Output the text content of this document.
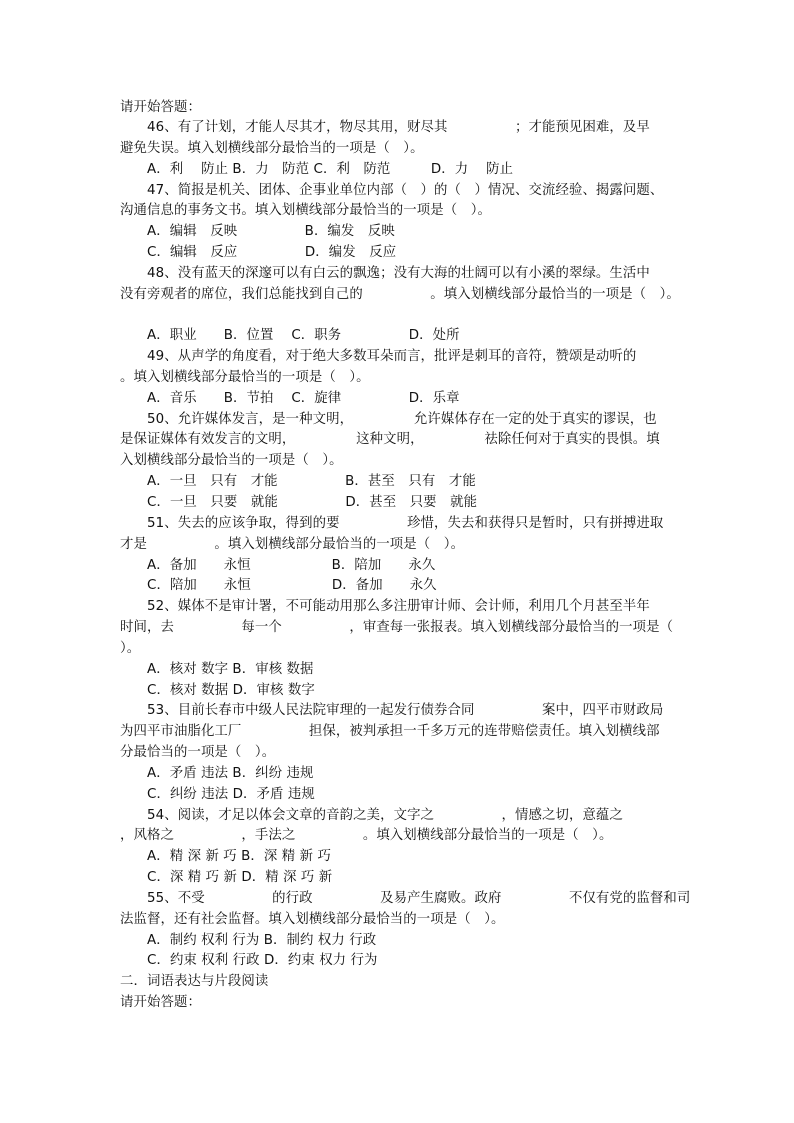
请开始答题：
46、有了计划，才能人尽其才，物尽其用，财尽其　　　　　；才能预见困难，及早
避免失误。填入划横线部分最恰当的一项是（　）。
A．利　 防止 B．力　防范 C．利　防范　　　D．力　 防止
47、简报是机关、团体、企事业单位内部（　）的（　）情况、交流经验、揭露问题、
沟通信息的事务文书。填入划横线部分最恰当的一项是（　）。
A．编辑　反映　　　　　B．编发　反映
C．编辑　反应　　　　　D．编发　反应
48、没有蓝天的深邃可以有白云的飘逸；没有大海的壮阔可以有小溪的翠绿。生活中
没有旁观者的席位，我们总能找到自己的　　　　　。填入划横线部分最恰当的一项是（　）。
A．职业　　B．位置　 C．职务　　　　　D．处所
49、从声学的角度看，对于绝大多数耳朵而言，批评是刺耳的音符，赞颂是动听的
。填入划横线部分最恰当的一项是（　）。
A．音乐　　B．节拍　 C．旋律　　　　　D．乐章
50、允许媒体发言，是一种文明，　　　　　允许媒体存在一定的处于真实的谬误，也
是保证媒体有效发言的文明，　　　　　这种文明，　　　　　祛除任何对于真实的畏惧。填
入划横线部分最恰当的一项是（　）。
A．一旦　只有　才能　　　　　B．甚至　只有　才能
C．一旦　只要　就能　　　　　D．甚至　只要　就能
51、失去的应该争取，得到的要　　　　　珍惜，失去和获得只是暂时，只有拼搏进取
才是　　　　　。填入划横线部分最恰当的一项是（　）。
A．备加　　永恒　　　　　　B．陪加　　永久
C．陪加　　永恒　　　　　　D．备加　　永久
52、媒体不是审计署，不可能动用那么多注册审计师、会计师，利用几个月甚至半年
时间，去　　　　　每一个　　　　　，审查每一张报表。填入划横线部分最恰当的一项是（
）。
A．核对 数字 B．审核 数据
C．核对 数据 D．审核 数字
53、目前长春市中级人民法院审理的一起发行债券合同　　　　　案中，四平市财政局
为四平市油脂化工厂　　　　　担保，被判承担一千多万元的连带赔偿责任。填入划横线部
分最恰当的一项是（　）。
A．矛盾 违法 B．纠纷 违规
C．纠纷 违法 D．矛盾 违规
54、阅读，才足以体会文章的音韵之美，文字之　　　　　，情感之切，意蕴之
，风格之　　　　　，手法之　　　　　。填入划横线部分最恰当的一项是（　）。
A．精 深 新 巧 B．深 精 新 巧
C．深 精 巧 新 D．精 深 巧 新
55、不受　　　　　的行政　　　　　及易产生腐败。政府　　　　　不仅有党的监督和司
法监督，还有社会监督。填入划横线部分最恰当的一项是（　）。
A．制约 权利 行为 B．制约 权力 行政
C．约束 权利 行政 D．约束 权力 行为
二．词语表达与片段阅读
请开始答题：
